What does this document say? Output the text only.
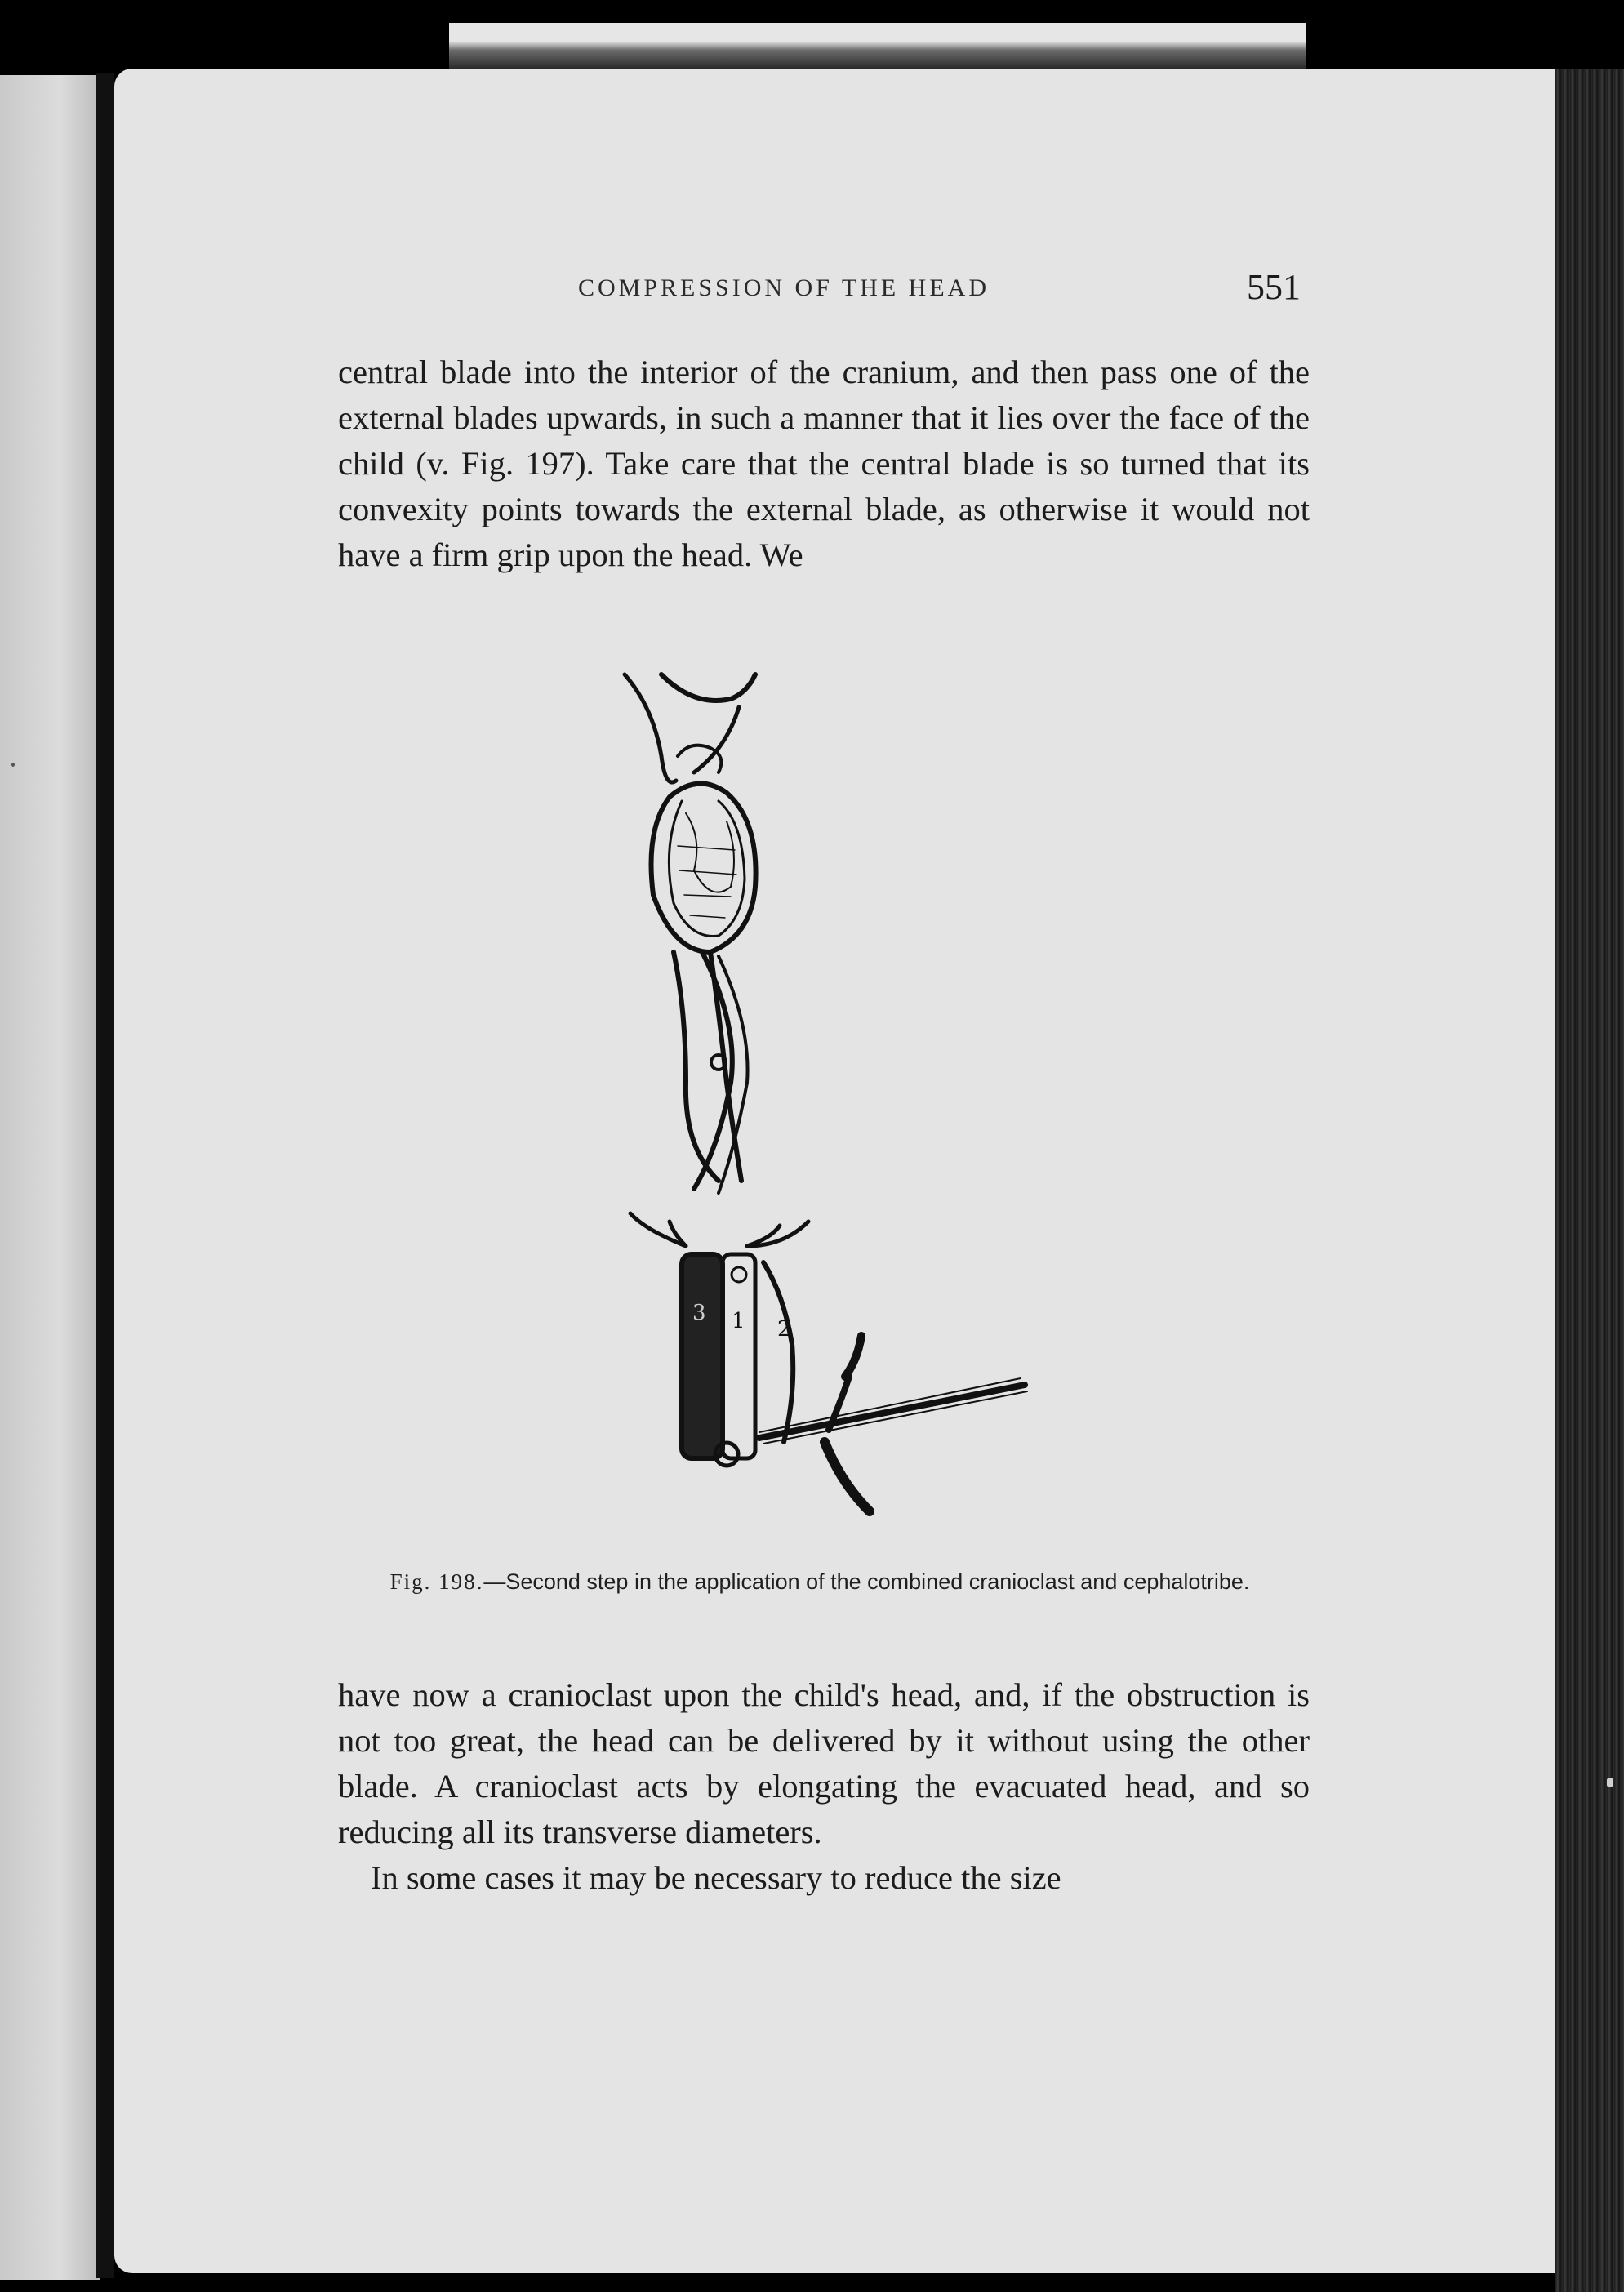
COMPRESSION OF THE HEAD	551

central blade into the interior of the cranium, and then pass one of the external blades upwards, in such a manner that it lies over the face of the child (v. Fig. 197). Take care that the central blade is so turned that its convexity points towards the external blade, as otherwise it would not have a firm grip upon the head. We

3 1 2
Fig. 198.—Second step in the application of the combined cranioclast and cephalotribe.

have now a cranioclast upon the child's head, and, if the obstruction is not too great, the head can be delivered by it without using the other blade. A cranioclast acts by elongating the evacuated head, and so reducing all its transverse diameters.

In some cases it may be necessary to reduce the size
